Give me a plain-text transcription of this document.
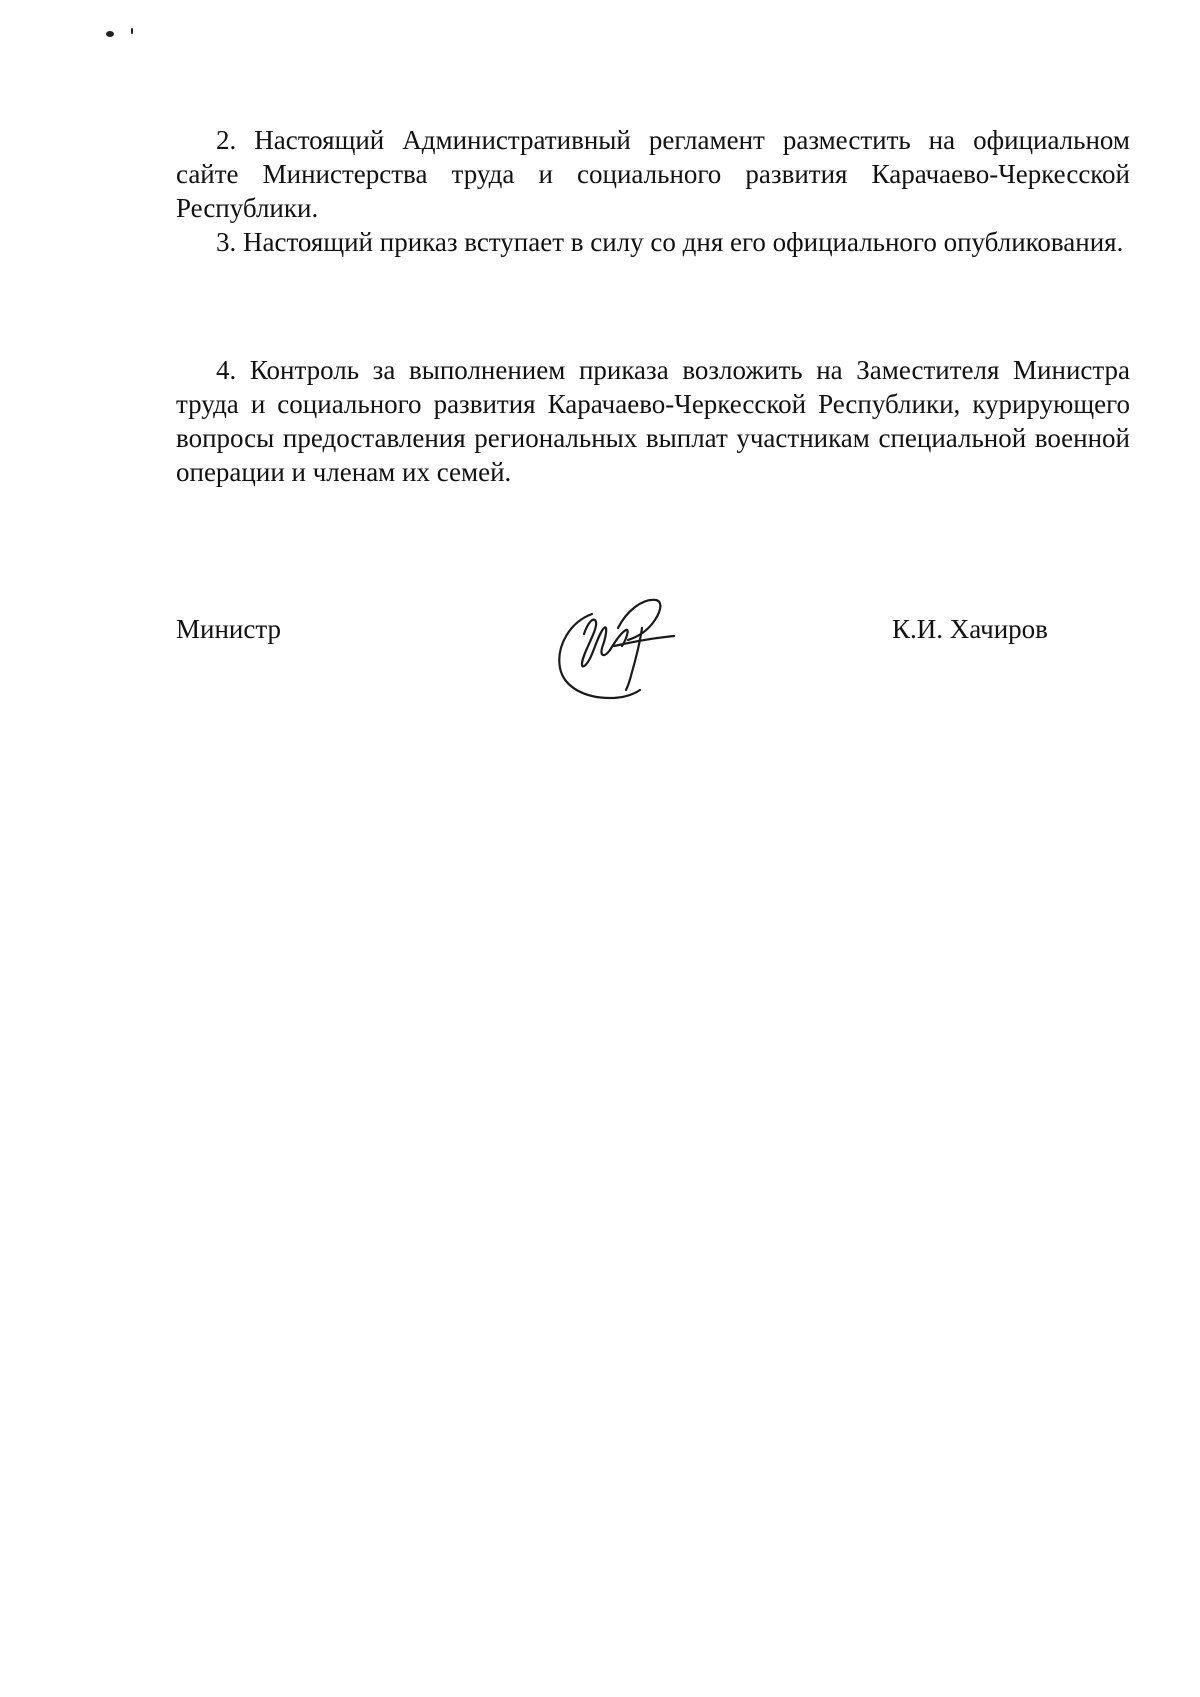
2. Настоящий Административный регламент разместить на официальном сайте Министерства труда и социального развития Карачаево-Черкесской Республики.

3. Настоящий приказ вступает в силу со дня его официального опубликования.

4. Контроль за выполнением приказа возложить на Заместителя Министра труда и социального развития Карачаево-Черкесской Республики, курирующего вопросы предоставления региональных выплат участникам специальной военной операции и членам их семей.

Министр	К.И. Хачиров
